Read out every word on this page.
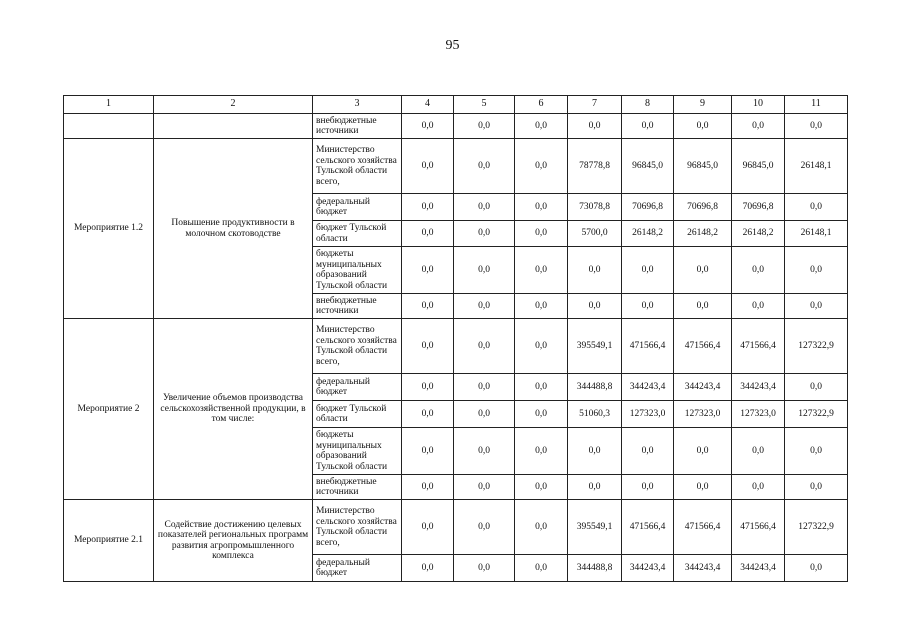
95
1	2	3	4	5	6	7	8	9	10	11
		внебюджетные источники	0,0	0,0	0,0	0,0	0,0	0,0	0,0	0,0
Мероприятие 1.2	Повышение продуктивности в молочном скотоводстве	Министерство сельского хозяйства Тульской области всего,	0,0	0,0	0,0	78778,8	96845,0	96845,0	96845,0	26148,1
		федеральный бюджет	0,0	0,0	0,0	73078,8	70696,8	70696,8	70696,8	0,0
		бюджет Тульской области	0,0	0,0	0,0	5700,0	26148,2	26148,2	26148,2	26148,1
		бюджеты муниципальных образований Тульской области	0,0	0,0	0,0	0,0	0,0	0,0	0,0	0,0
		внебюджетные источники	0,0	0,0	0,0	0,0	0,0	0,0	0,0	0,0
Мероприятие 2	Увеличение объемов производства сельскохозяйственной продукции, в том числе:	Министерство сельского хозяйства Тульской области всего,	0,0	0,0	0,0	395549,1	471566,4	471566,4	471566,4	127322,9
		федеральный бюджет	0,0	0,0	0,0	344488,8	344243,4	344243,4	344243,4	0,0
		бюджет Тульской области	0,0	0,0	0,0	51060,3	127323,0	127323,0	127323,0	127322,9
		бюджеты муниципальных образований Тульской области	0,0	0,0	0,0	0,0	0,0	0,0	0,0	0,0
		внебюджетные источники	0,0	0,0	0,0	0,0	0,0	0,0	0,0	0,0
Мероприятие 2.1	Содействие достижению целевых показателей региональных программ развития агропромышленного комплекса	Министерство сельского хозяйства Тульской области всего,	0,0	0,0	0,0	395549,1	471566,4	471566,4	471566,4	127322,9
		федеральный бюджет	0,0	0,0	0,0	344488,8	344243,4	344243,4	344243,4	0,0
